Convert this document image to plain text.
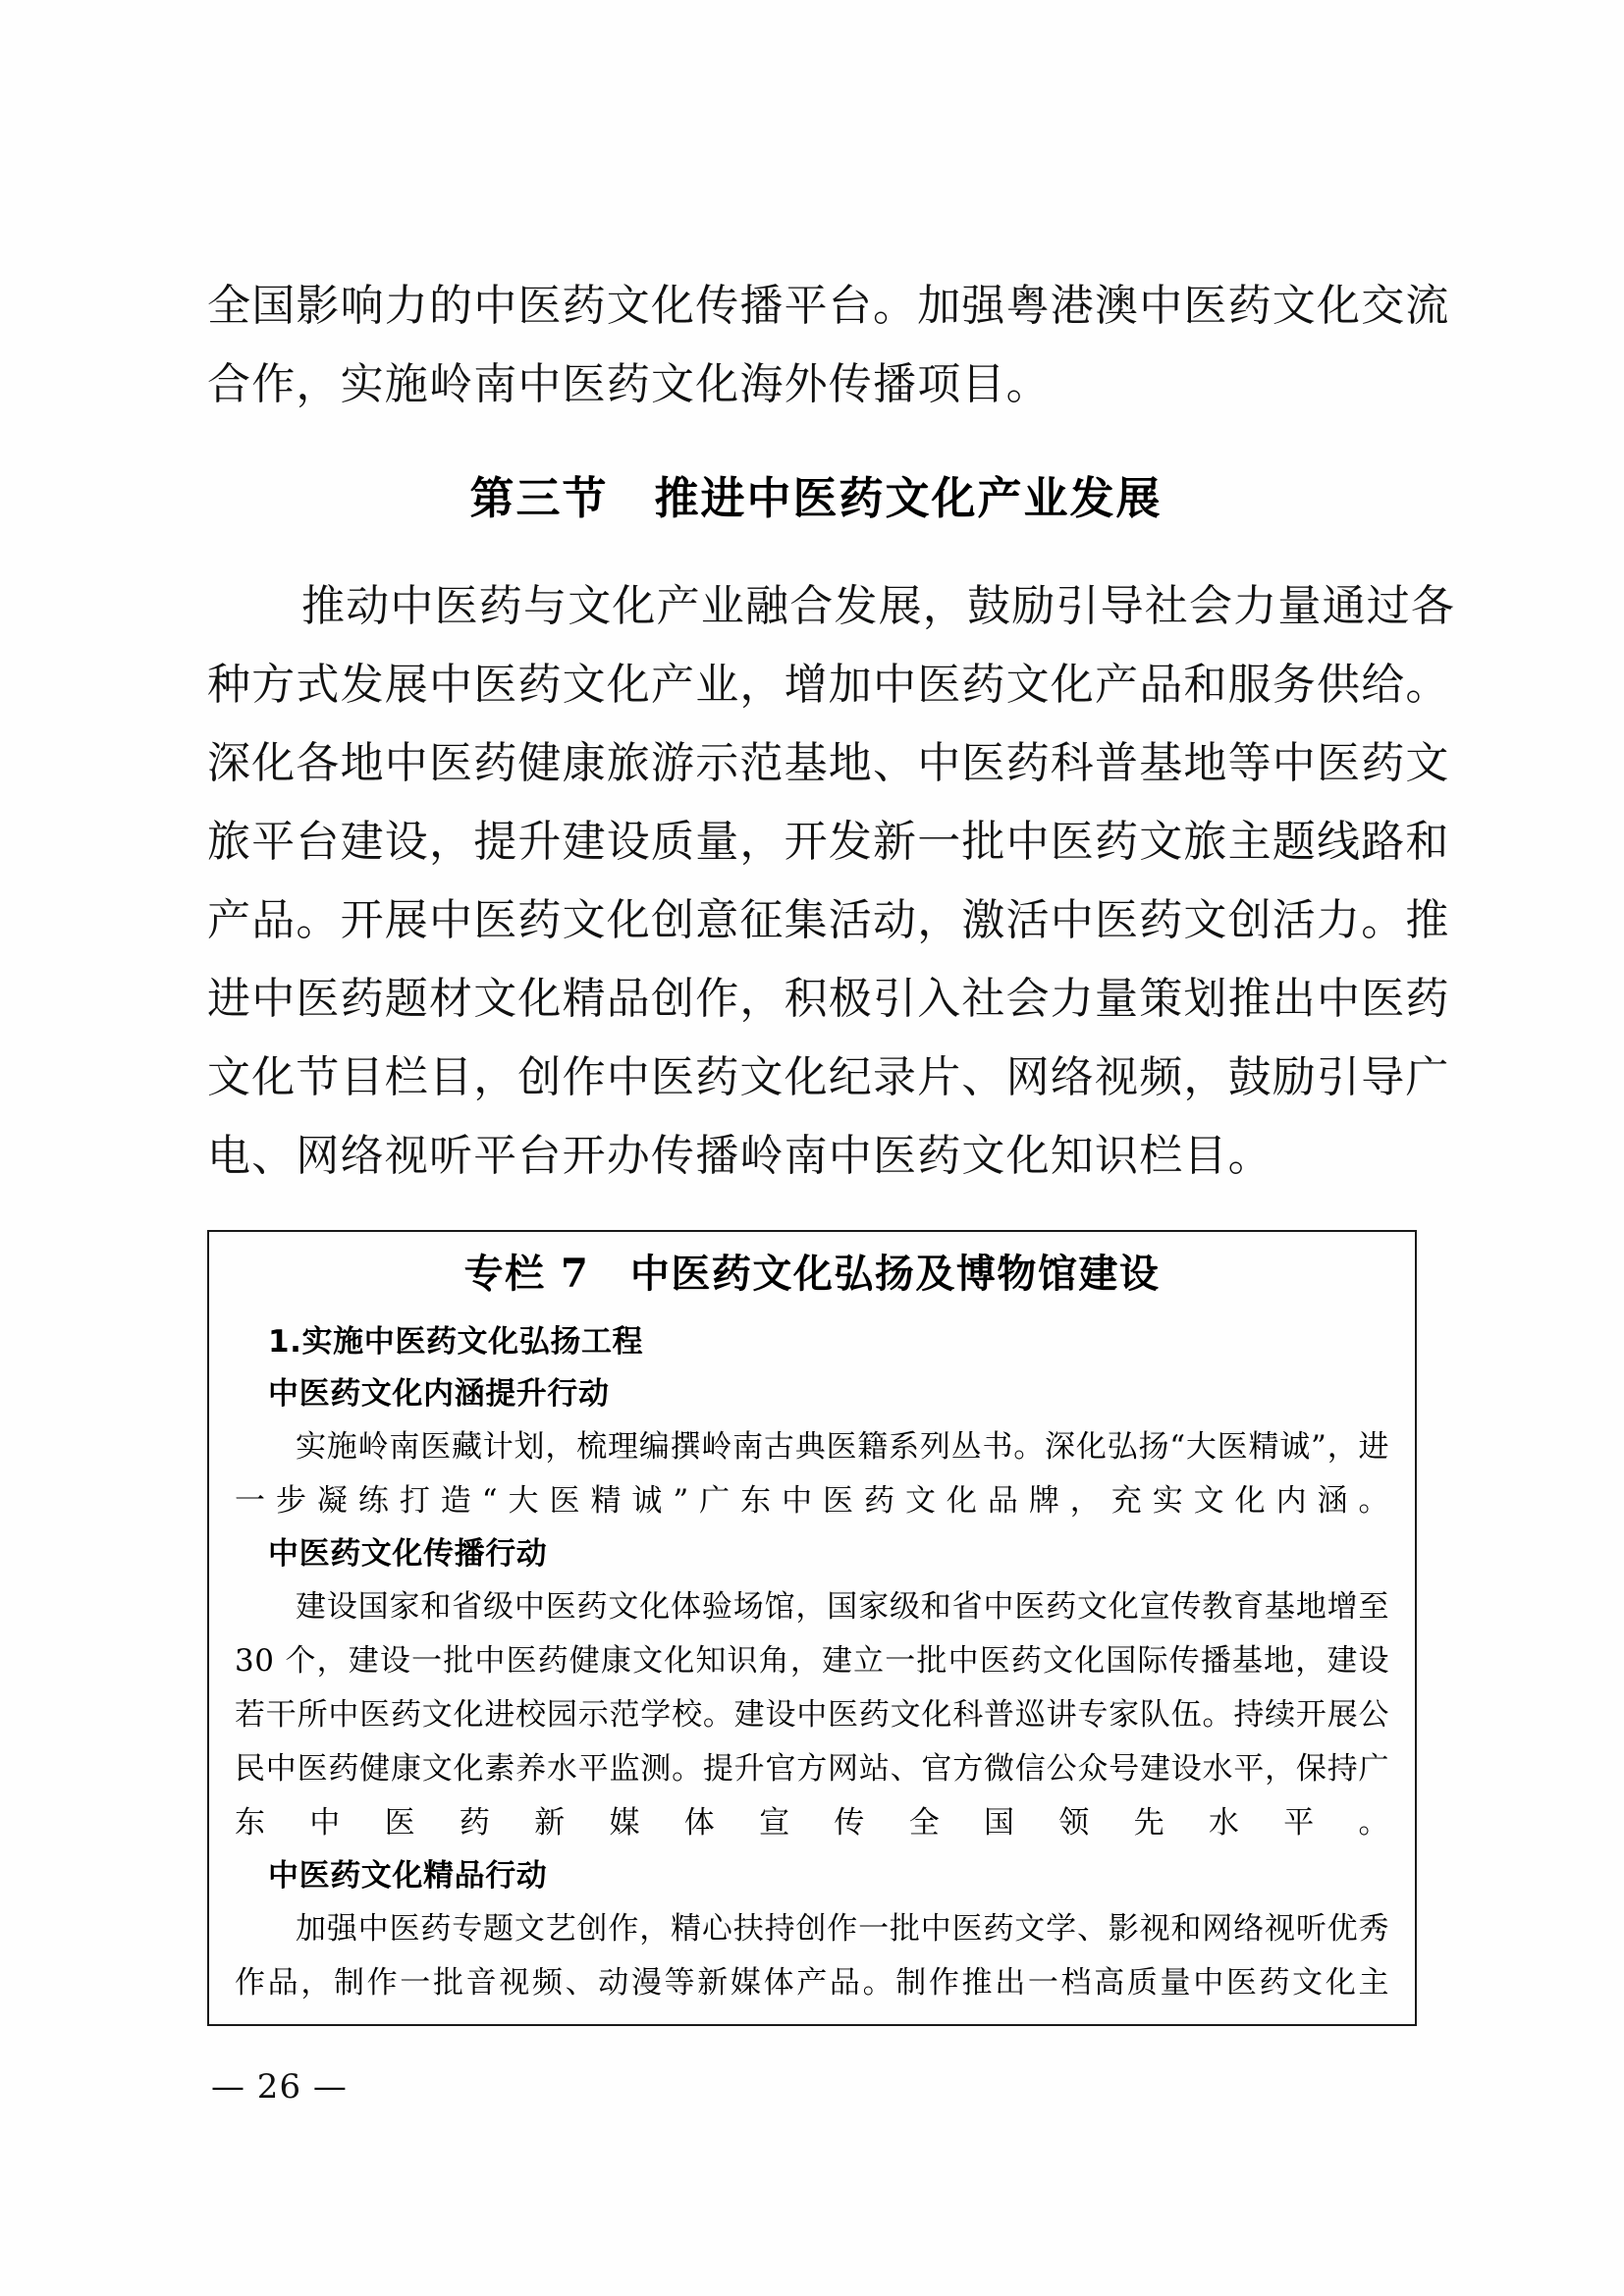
全国影响力的中医药文化传播平台。加强粤港澳中医药文化交流
合作，实施岭南中医药文化海外传播项目。
第三节　推进中医药文化产业发展
推动中医药与文化产业融合发展，鼓励引导社会力量通过各
种方式发展中医药文化产业，增加中医药文化产品和服务供给。
深化各地中医药健康旅游示范基地、中医药科普基地等中医药文
旅平台建设，提升建设质量，开发新一批中医药文旅主题线路和
产品。开展中医药文化创意征集活动，激活中医药文创活力。推
进中医药题材文化精品创作，积极引入社会力量策划推出中医药
文化节目栏目，创作中医药文化纪录片、网络视频，鼓励引导广
电、网络视听平台开办传播岭南中医药文化知识栏目。
专栏 7　中医药文化弘扬及博物馆建设
1.实施中医药文化弘扬工程
中医药文化内涵提升行动
实施岭南医藏计划，梳理编撰岭南古典医籍系列丛书。深化弘扬“大医精诚”，进一步凝练打造“大医精诚”广东中医药文化品牌，充实文化内涵。
中医药文化传播行动
建设国家和省级中医药文化体验场馆，国家级和省中医药文化宣传教育基地增至 30 个，建设一批中医药健康文化知识角，建立一批中医药文化国际传播基地，建设若干所中医药文化进校园示范学校。建设中医药文化科普巡讲专家队伍。持续开展公民中医药健康文化素养水平监测。提升官方网站、官方微信公众号建设水平，保持广东中医药新媒体宣传全国领先水平。
中医药文化精品行动
加强中医药专题文艺创作，精心扶持创作一批中医药文学、影视和网络视听优秀作品，制作一批音视频、动漫等新媒体产品。制作推出一档高质量中医药文化主
— 26 —
